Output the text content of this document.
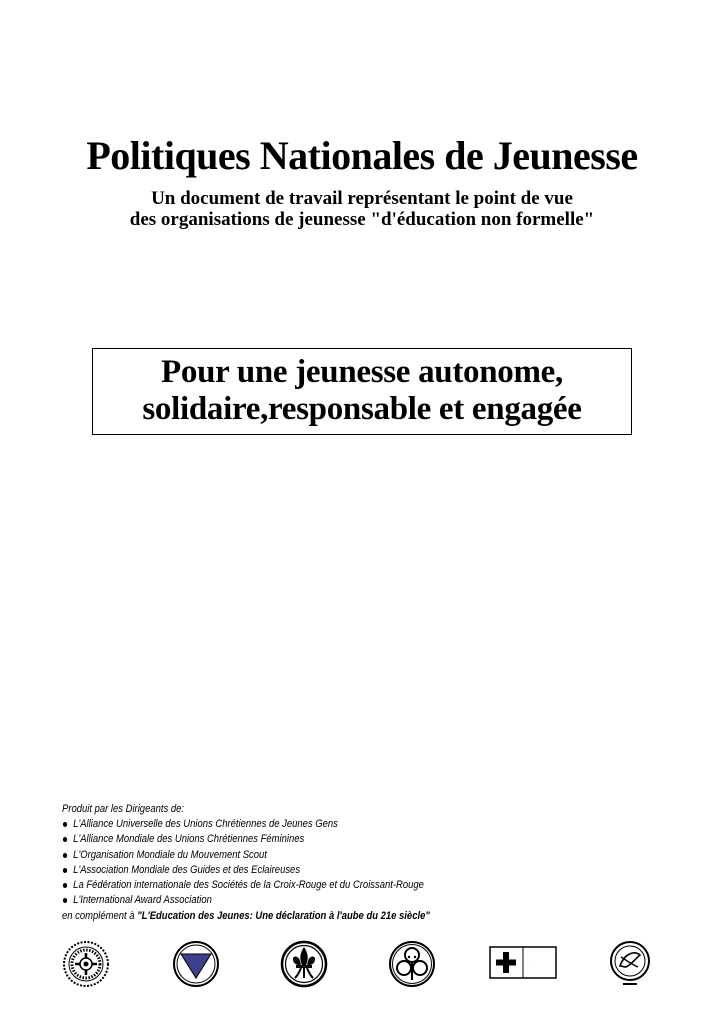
Politiques Nationales de Jeunesse
Un document de travail représentant le point de vue
des organisations de jeunesse "d'éducation non formelle"
Pour une jeunesse autonome,
solidaire,responsable et engagée
Produit par les Dirigeants de:
L'Alliance Universelle des Unions Chrétiennes de Jeunes Gens
L'Alliance Mondiale des Unions Chrétiennes Féminines
L'Organisation Mondiale du Mouvement Scout
L'Association Mondiale des Guides et des Eclaireuses
La Fédération internationale des Sociétés de la Croix-Rouge et du Croissant-Rouge
L'International Award Association
en complément à "L'Education des Jeunes: Une déclaration à l'aube du 21e siècle"
